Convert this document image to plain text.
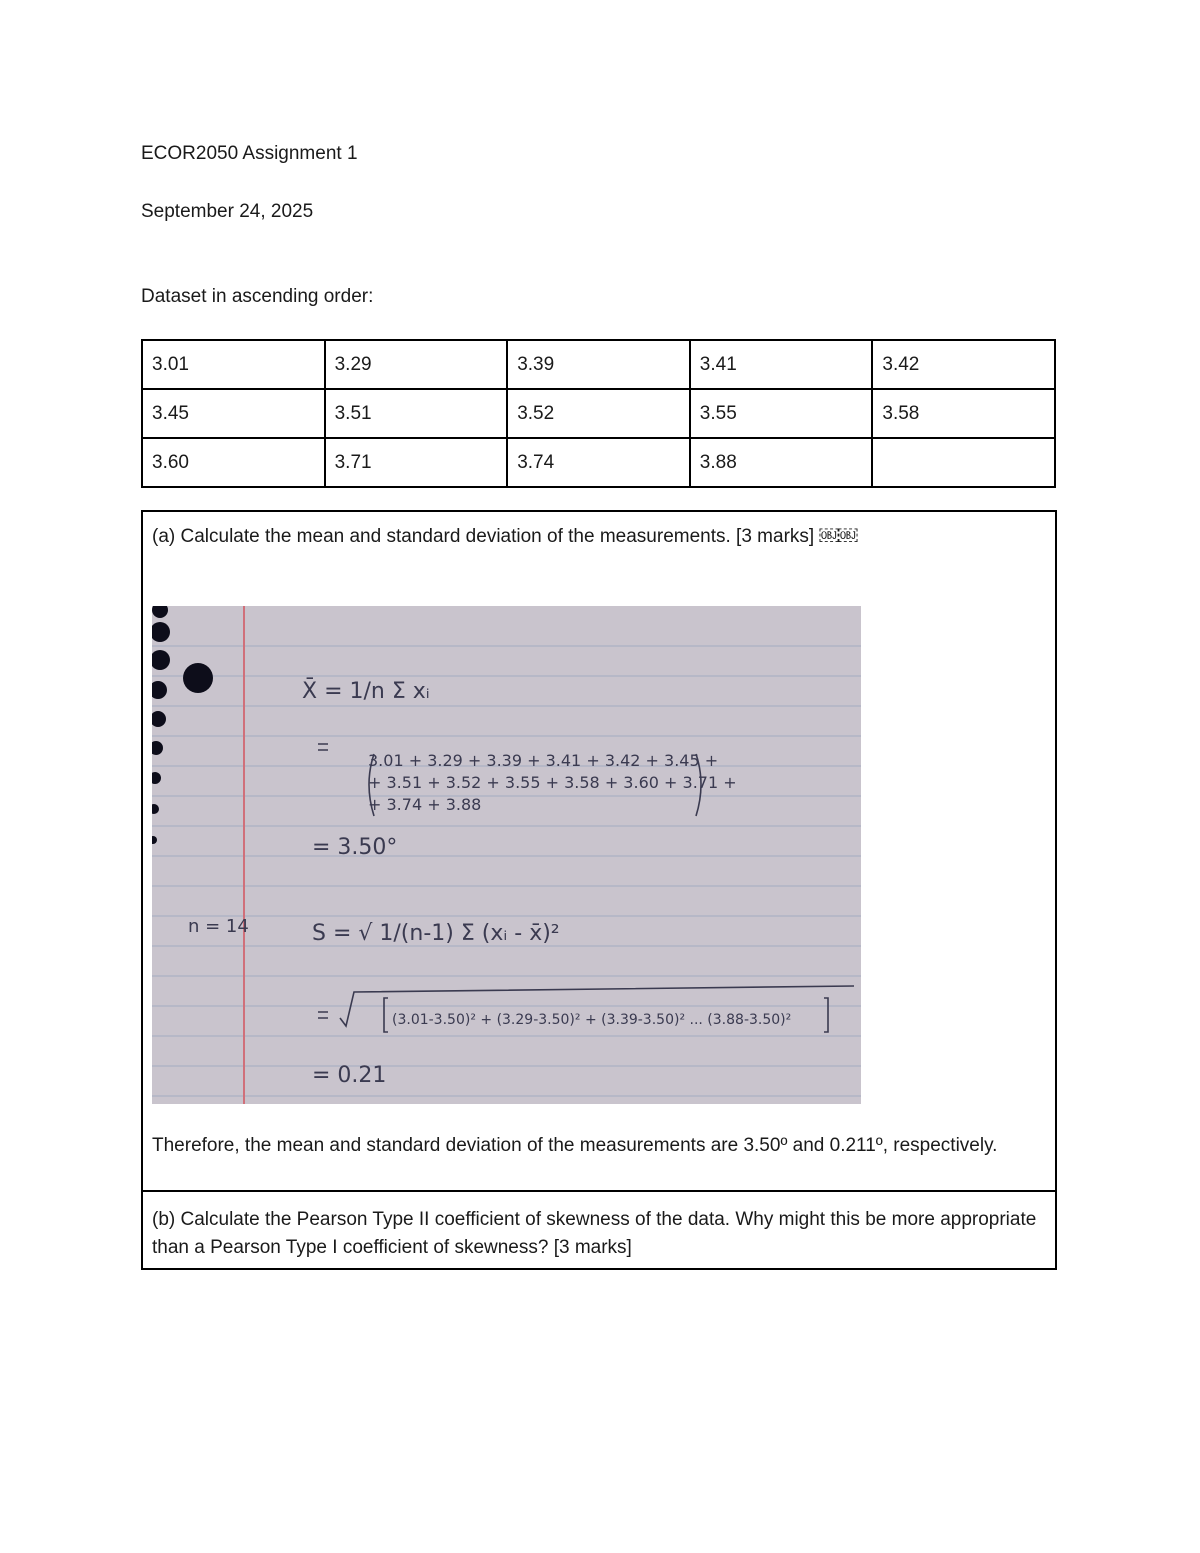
ECOR2050 Assignment 1
September 24, 2025
Dataset in ascending order:
3.01	3.29	3.39	3.41	3.42
3.45	3.51	3.52	3.55	3.58
3.60	3.71	3.74	3.88	
(a) Calculate the mean and standard deviation of the measurements. [3 marks] ￼￼
Therefore, the mean and standard deviation of the measurements are 3.50º and 0.211º, respectively.
(b) Calculate the Pearson Type II coefficient of skewness of the data. Why might this be more appropriate than a Pearson Type I coefficient of skewness? [3 marks]
X̄ = 1/n Σ xᵢ
3.01 + 3.29 + 3.39 + 3.41 + 3.42 + 3.45 +
+ 3.51 + 3.52 + 3.55 + 3.58 + 3.60 + 3.71 +
+ 3.74 + 3.88
= 3.50°
n = 14	S = √ 1/(n-1) Σ (xᵢ - x̄)²
(3.01-3.50)² + (3.29-3.50)² + (3.39-3.50)² ... (3.88-3.50)²
= 0.21
